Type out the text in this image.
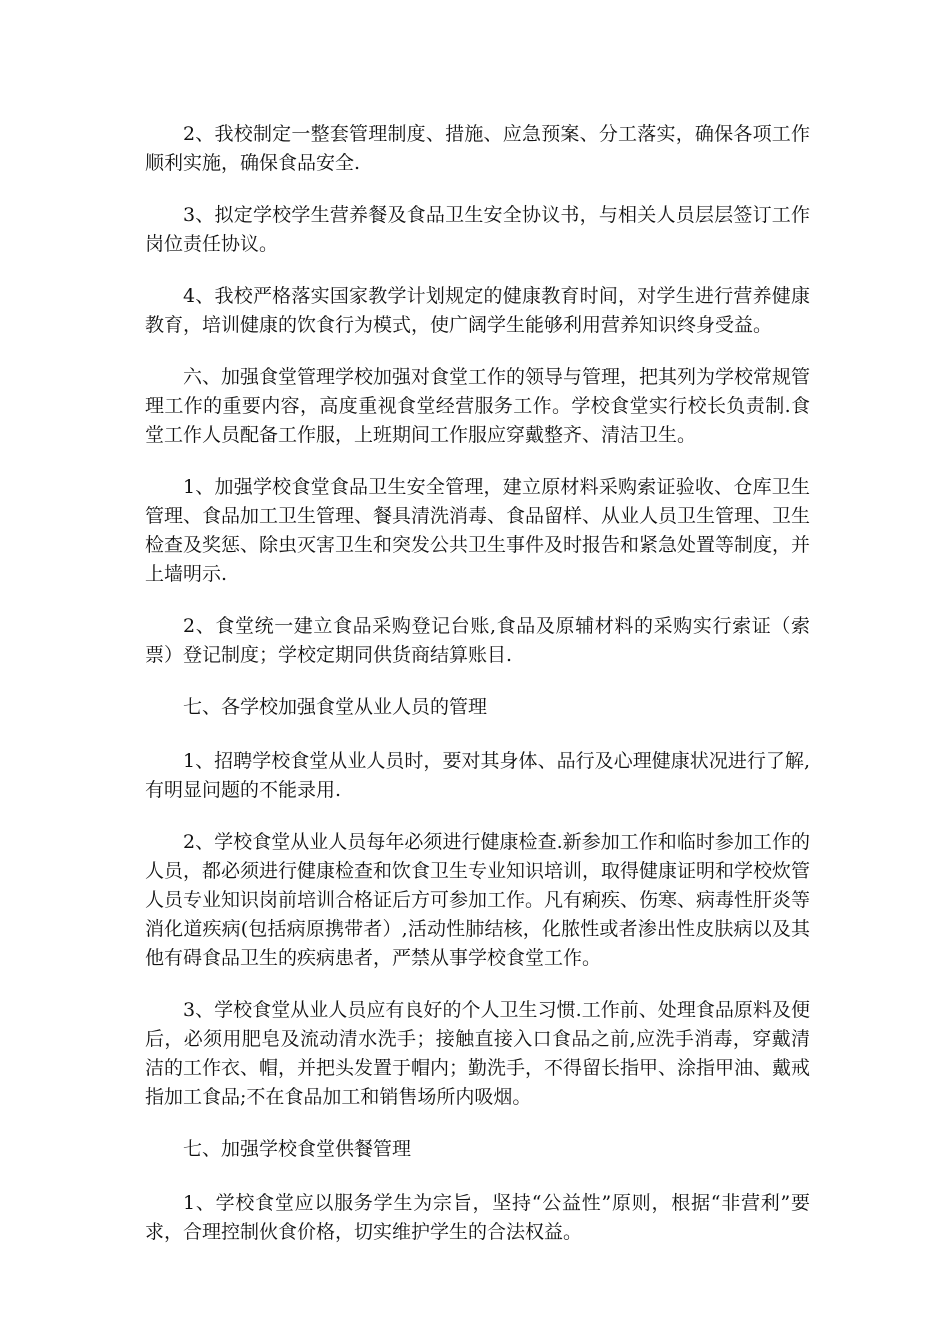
2、我校制定一整套管理制度、措施、应急预案、分工落实，确保各项工作顺利实施，确保食品安全.

3、拟定学校学生营养餐及食品卫生安全协议书，与相关人员层层签订工作岗位责任协议。

4、我校严格落实国家教学计划规定的健康教育时间，对学生进行营养健康教育，培训健康的饮食行为模式，使广阔学生能够利用营养知识终身受益。

六、加强食堂管理学校加强对食堂工作的领导与管理，把其列为学校常规管理工作的重要内容，高度重视食堂经营服务工作。学校食堂实行校长负责制.食堂工作人员配备工作服，上班期间工作服应穿戴整齐、清洁卫生。

1、加强学校食堂食品卫生安全管理，建立原材料采购索证验收、仓库卫生管理、食品加工卫生管理、餐具清洗消毒、食品留样、从业人员卫生管理、卫生检查及奖惩、除虫灭害卫生和突发公共卫生事件及时报告和紧急处置等制度，并上墙明示.

2、食堂统一建立食品采购登记台账,食品及原辅材料的采购实行索证（索票）登记制度；学校定期同供货商结算账目.

七、各学校加强食堂从业人员的管理

1、招聘学校食堂从业人员时，要对其身体、品行及心理健康状况进行了解,有明显问题的不能录用.

2、学校食堂从业人员每年必须进行健康检查.新参加工作和临时参加工作的人员，都必须进行健康检查和饮食卫生专业知识培训，取得健康证明和学校炊管人员专业知识岗前培训合格证后方可参加工作。凡有痢疾、伤寒、病毒性肝炎等消化道疾病(包括病原携带者）,活动性肺结核，化脓性或者渗出性皮肤病以及其他有碍食品卫生的疾病患者，严禁从事学校食堂工作。

3、学校食堂从业人员应有良好的个人卫生习惯.工作前、处理食品原料及便后，必须用肥皂及流动清水洗手；接触直接入口食品之前,应洗手消毒，穿戴清洁的工作衣、帽，并把头发置于帽内；勤洗手，不得留长指甲、涂指甲油、戴戒指加工食品;不在食品加工和销售场所内吸烟。

七、加强学校食堂供餐管理

1、学校食堂应以服务学生为宗旨，坚持“公益性”原则，根据“非营利”要求，合理控制伙食价格，切实维护学生的合法权益。
